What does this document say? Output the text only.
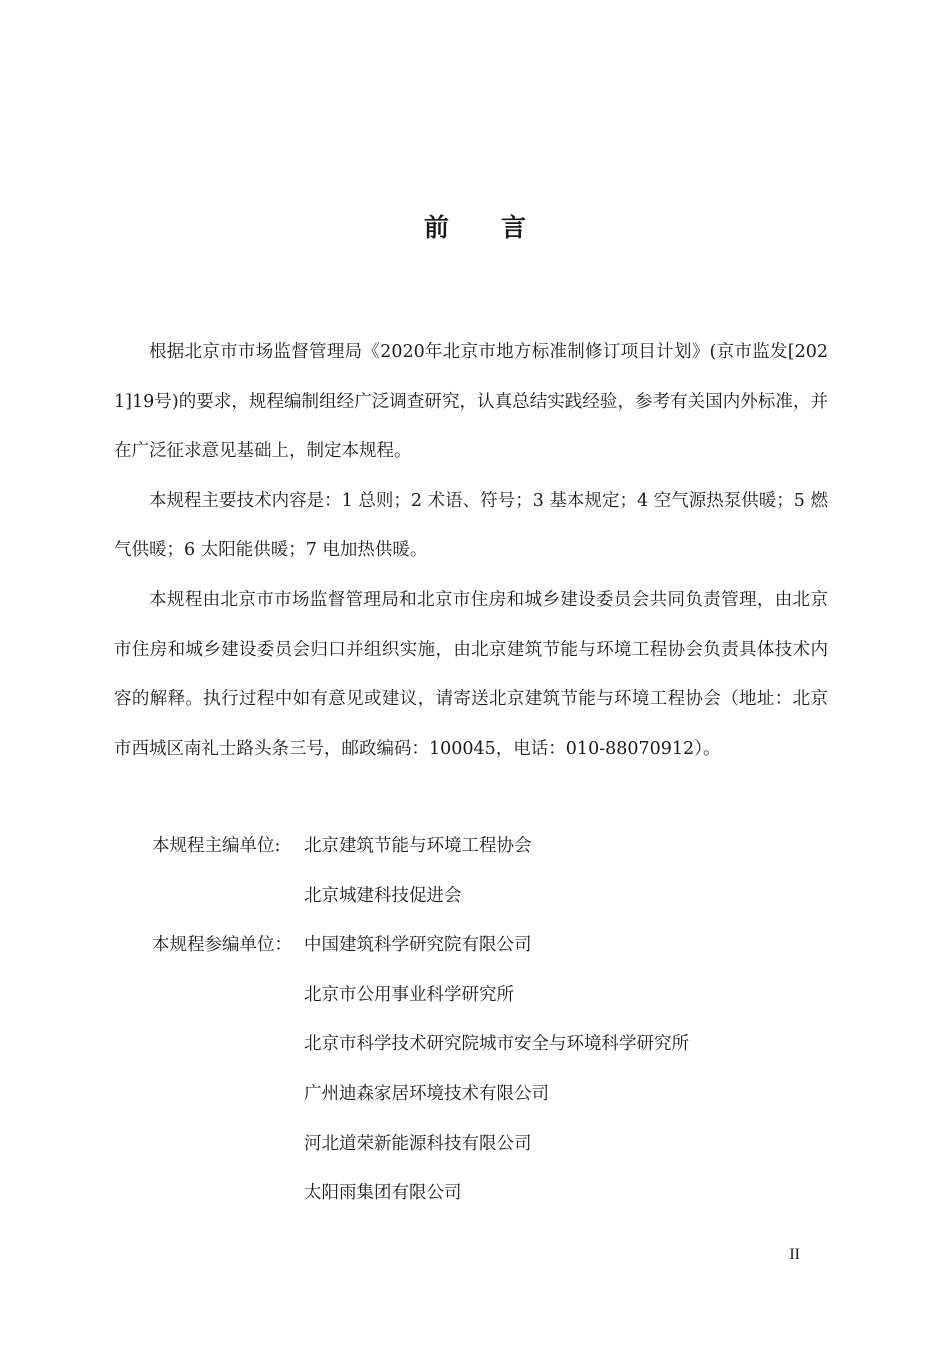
前 言

根据北京市市场监督管理局《2020年北京市地方标准制修订项目计划》(京市监发[2021]19号)的要求，规程编制组经广泛调查研究，认真总结实践经验，参考有关国内外标准，并在广泛征求意见基础上，制定本规程。

本规程主要技术内容是：1 总则；2 术语、符号；3 基本规定；4 空气源热泵供暖；5 燃气供暖；6 太阳能供暖；7 电加热供暖。

本规程由北京市市场监督管理局和北京市住房和城乡建设委员会共同负责管理，由北京市住房和城乡建设委员会归口并组织实施，由北京建筑节能与环境工程协会负责具体技术内容的解释。执行过程中如有意见或建议，请寄送北京建筑节能与环境工程协会（地址：北京市西城区南礼士路头条三号，邮政编码：100045，电话：010-88070912）。

本规程主编单位:	北京建筑节能与环境工程协会
北京城建科技促进会
本规程参编单位： 中国建筑科学研究院有限公司
北京市公用事业科学研究所
北京市科学技术研究院城市安全与环境科学研究所
广州迪森家居环境技术有限公司
河北道荣新能源科技有限公司
太阳雨集团有限公司
II
